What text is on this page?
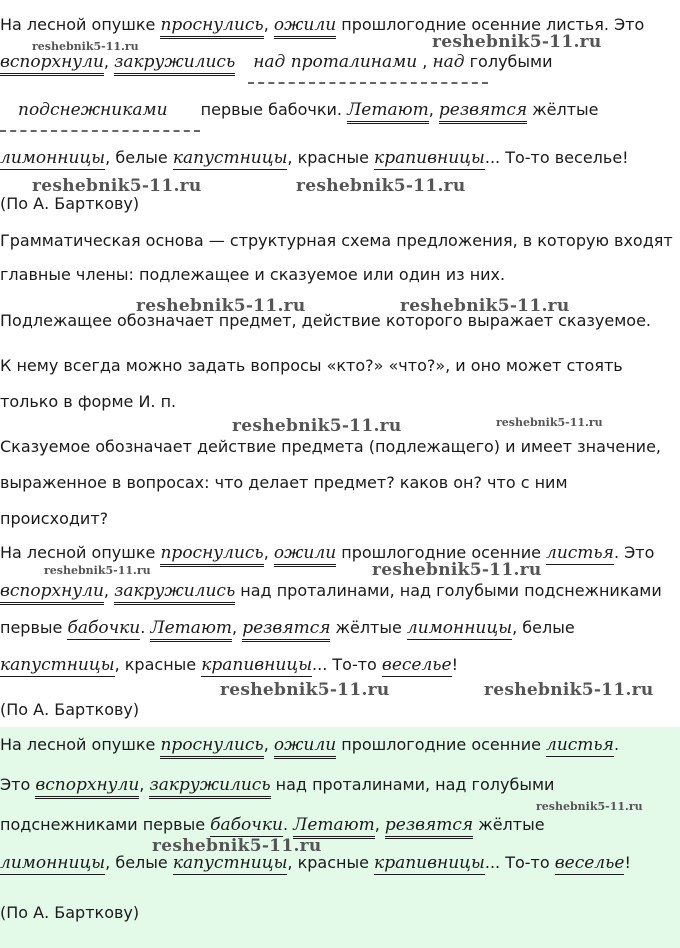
На лесной опушке проснулись, ожили прошлогодние осенние листья. Это
вспорхнули, закружились над проталинами , над голубыми
подснежниками первые бабочки. Летают, резвятся жёлтые
лимонницы, белые капустницы, красные крапивницы... То-то веселье!
(По А. Барткову)
Грамматическая основа — структурная схема предложения, в которую входят
главные члены: подлежащее и сказуемое или один из них.
Подлежащее обозначает предмет, действие которого выражает сказуемое.
К нему всегда можно задать вопросы «кто?» «что?», и оно может стоять
только в форме И. п.
Сказуемое обозначает действие предмета (подлежащего) и имеет значение,
выраженное в вопросах: что делает предмет? каков он? что с ним
происходит?
На лесной опушке проснулись, ожили прошлогодние осенние листья. Это
вспорхнули, закружились над проталинами, над голубыми подснежниками
первые бабочки. Летают, резвятся жёлтые лимонницы, белые
капустницы, красные крапивницы... То-то веселье!
(По А. Барткову)
На лесной опушке проснулись, ожили прошлогодние осенние листья.
Это вспорхнули, закружились над проталинами, над голубыми
подснежниками первые бабочки. Летают, резвятся жёлтые
лимонницы, белые капустницы, красные крапивницы... То-то веселье!
(По А. Барткову)
reshebnik5-11.ru	reshebnik5-11.ru
reshebnik5-11.ru	reshebnik5-11.ru
reshebnik5-11.ru	reshebnik5-11.ru
reshebnik5-11.ru	reshebnik5-11.ru
reshebnik5-11.ru	reshebnik5-11.ru
reshebnik5-11.ru	reshebnik5-11.ru
reshebnik5-11.ru
reshebnik5-11.ru
